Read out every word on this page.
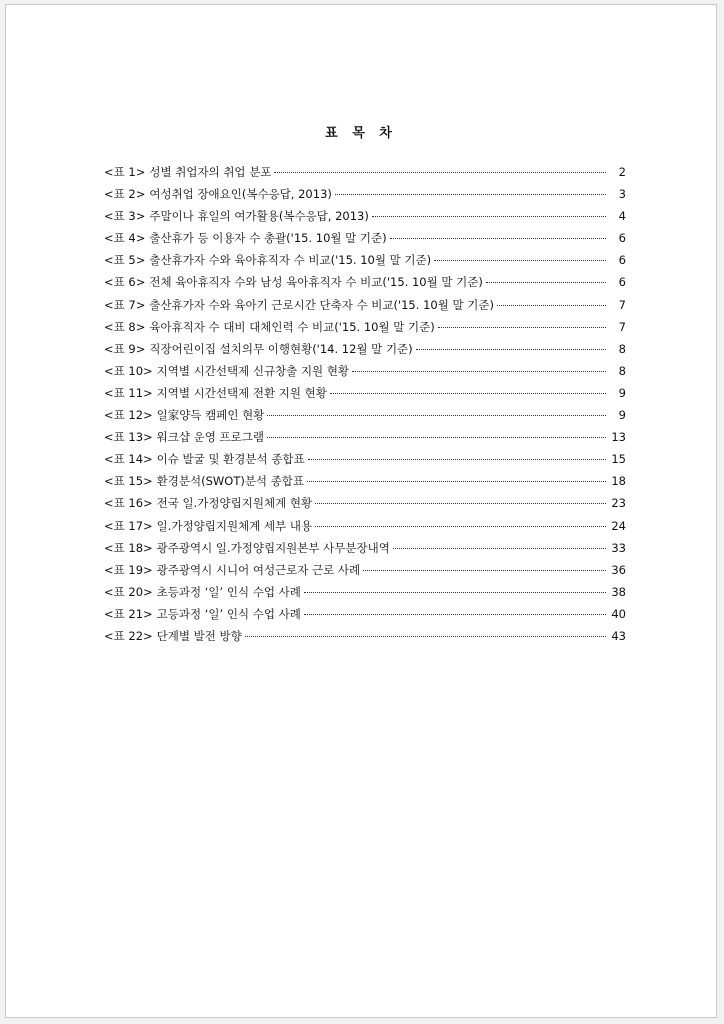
표 목 차
<표 1> 성별 취업자의 취업 분포	2
<표 2> 여성취업 장애요인(복수응답, 2013)	3
<표 3> 주말이나 휴일의 여가활용(복수응답, 2013)	4
<표 4> 출산휴가 등 이용자 수 총괄('15. 10월 말 기준)	6
<표 5> 출산휴가자 수와 육아휴직자 수 비교('15. 10월 말 기준)	6
<표 6> 전체 육아휴직자 수와 남성 육아휴직자 수 비교('15. 10월 말 기준)	6
<표 7> 출산휴가자 수와 육아기 근로시간 단축자 수 비교('15. 10월 말 기준)	7
<표 8> 육아휴직자 수 대비 대체인력 수 비교('15. 10월 말 기준)	7
<표 9> 직장어린이집 설치의무 이행현황('14. 12월 말 기준)	8
<표 10> 지역별 시간선택제 신규창출 지원 현황	8
<표 11> 지역별 시간선택제 전환 지원 현황	9
<표 12> 일家양득 캠페인 현황	9
<표 13> 워크샵 운영 프로그램	13
<표 14> 이슈 발굴 및 환경분석 종합표	15
<표 15> 환경분석(SWOT)분석 종합표	18
<표 16> 전국 일.가정양립지원체계 현황	23
<표 17> 일.가정양립지원체계 세부 내용	24
<표 18> 광주광역시 일.가정양립지원본부 사무분장내역	33
<표 19> 광주광역시 시니어 여성근로자 근로 사례	36
<표 20> 초등과정 ‘일’ 인식 수업 사례	38
<표 21> 고등과정 ‘일’ 인식 수업 사례	40
<표 22> 단계별 발전 방향	43
